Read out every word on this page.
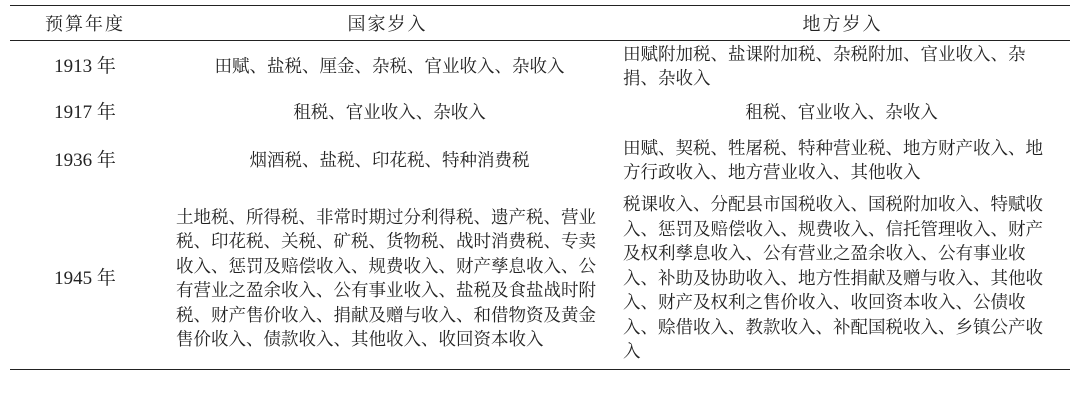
预算年度	国家岁入	地方岁入
1913 年	田赋、盐税、厘金、杂税、官业收入、杂收入	田赋附加税、盐课附加税、杂税附加、官业收入、杂捐、杂收入
1917 年	租税、官业收入、杂收入	租税、官业收入、杂收入
1936 年	烟酒税、盐税、印花税、特种消费税	田赋、契税、牲屠税、特种营业税、地方财产收入、地方行政收入、地方营业收入、其他收入
1945 年	土地税、所得税、非常时期过分利得税、遗产税、营业税、印花税、关税、矿税、货物税、战时消费税、专卖收入、惩罚及赔偿收入、规费收入、财产孳息收入、公有营业之盈余收入、公有事业收入、盐税及食盐战时附税、财产售价收入、捐献及赠与收入、和借物资及黄金售价收入、债款收入、其他收入、收回资本收入	税课收入、分配县市国税收入、国税附加收入、特赋收入、惩罚及赔偿收入、规费收入、信托管理收入、财产及权利孳息收入、公有营业之盈余收入、公有事业收入、补助及协助收入、地方性捐献及赠与收入、其他收入、财产及权利之售价收入、收回资本收入、公债收入、赊借收入、教款收入、补配国税收入、乡镇公产收入
